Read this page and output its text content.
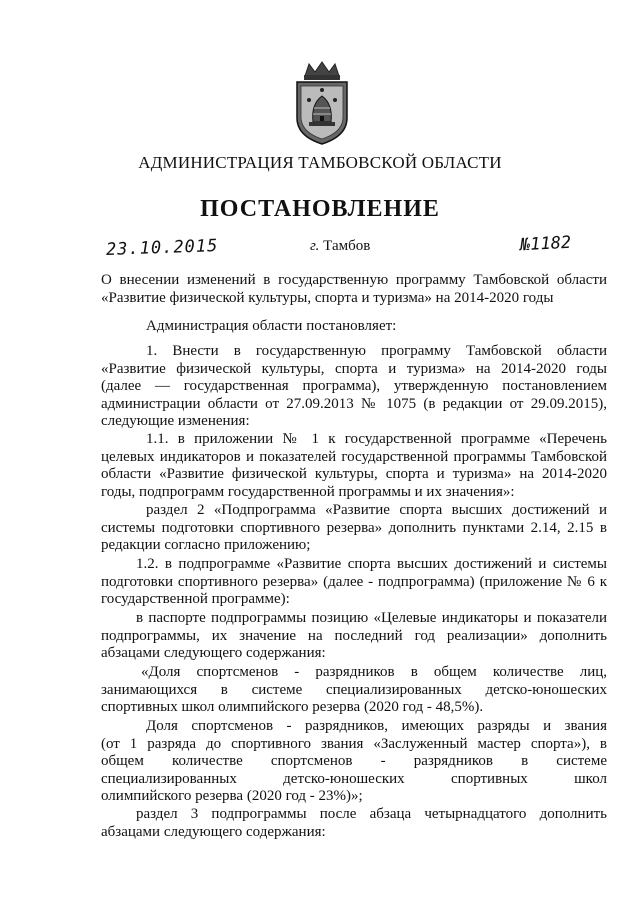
АДМИНИСТРАЦИЯ ТАМБОВСКОЙ ОБЛАСТИ
ПОСТАНОВЛЕНИЕ
23.10.2015	г. Тамбов	№1182
О внесении изменений в государственную программу Тамбовской области
«Развитие физической культуры, спорта и туризма» на 2014-2020 годы
Администрация области постановляет:
1. Внести в государственную программу Тамбовской области
«Развитие физической культуры, спорта и туризма» на 2014-2020 годы
(далее — государственная программа), утвержденную постановлением
администрации области от 27.09.2013 № 1075 (в редакции от 29.09.2015),
следующие изменения:
1.1. в приложении № 1 к государственной программе «Перечень
целевых индикаторов и показателей государственной программы Тамбовской
области «Развитие физической культуры, спорта и туризма» на 2014-2020
годы, подпрограмм государственной программы и их значения»:
раздел 2 «Подпрограмма «Развитие спорта высших достижений и
системы подготовки спортивного резерва» дополнить пунктами 2.14, 2.15 в
редакции согласно приложению;
1.2. в подпрограмме «Развитие спорта высших достижений и системы
подготовки спортивного резерва» (далее - подпрограмма) (приложение № 6 к
государственной программе):
в паспорте подпрограммы позицию «Целевые индикаторы и показатели
подпрограммы, их значение на последний год реализации» дополнить
абзацами следующего содержания:
«Доля спортсменов - разрядников в общем количестве лиц,
занимающихся в системе специализированных детско-юношеских
спортивных школ олимпийского резерва (2020 год - 48,5%).
Доля спортсменов - разрядников, имеющих разряды и звания
(от 1 разряда до спортивного звания «Заслуженный мастер спорта»), в
общем количестве спортсменов - разрядников в системе
специализированных детско-юношеских спортивных школ
олимпийского резерва (2020 год - 23%)»;
раздел 3 подпрограммы после абзаца четырнадцатого дополнить
абзацами следующего содержания:
